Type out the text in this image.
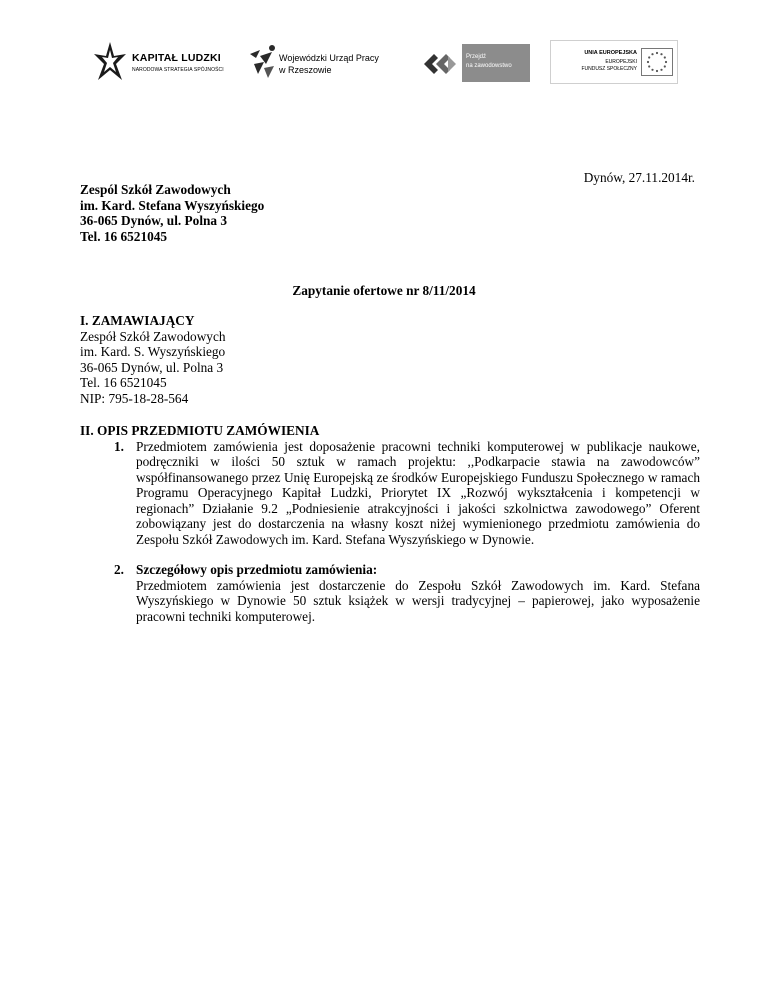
KAPITAŁ LUDZKI
NARODOWA STRATEGIA SPÓJNOŚCI
Wojewódzki Urząd Pracy
w Rzeszowie
Przejdź
na zawodowstwo
UNIA EUROPEJSKA
EUROPEJSKI
FUNDUSZ SPOŁECZNY
Dynów, 27.11.2014r.
Zespól Szkół Zawodowych
im. Kard. Stefana Wyszyńskiego
36-065 Dynów, ul. Polna 3
Tel. 16 6521045
Zapytanie ofertowe nr 8/11/2014
I. ZAMAWIAJĄCY
Zespół Szkół Zawodowych
im. Kard. S. Wyszyńskiego
36-065 Dynów, ul. Polna 3
Tel. 16 6521045
NIP: 795-18-28-564
II. OPIS PRZEDMIOTU ZAMÓWIENIA
1. Przedmiotem zamówienia jest doposażenie pracowni techniki komputerowej w publikacje naukowe, podręczniki w ilości 50 sztuk w ramach projektu: ,,Podkarpacie stawia na zawodowców” współfinansowanego przez Unię Europejską ze środków Europejskiego Funduszu Społecznego w ramach Programu Operacyjnego Kapitał Ludzki, Priorytet IX „Rozwój wykształcenia i kompetencji w regionach” Działanie 9.2 „Podniesienie atrakcyjności i jakości szkolnictwa zawodowego” Oferent zobowiązany jest do dostarczenia na własny koszt niżej wymienionego przedmiotu zamówienia do Zespołu Szkół Zawodowych im. Kard. Stefana Wyszyńskiego w Dynowie.
2. Szczegółowy opis przedmiotu zamówienia:
Przedmiotem zamówienia jest dostarczenie do Zespołu Szkół Zawodowych im. Kard. Stefana Wyszyńskiego w Dynowie 50 sztuk książek w wersji tradycyjnej – papierowej, jako wyposażenie pracowni techniki komputerowej.
